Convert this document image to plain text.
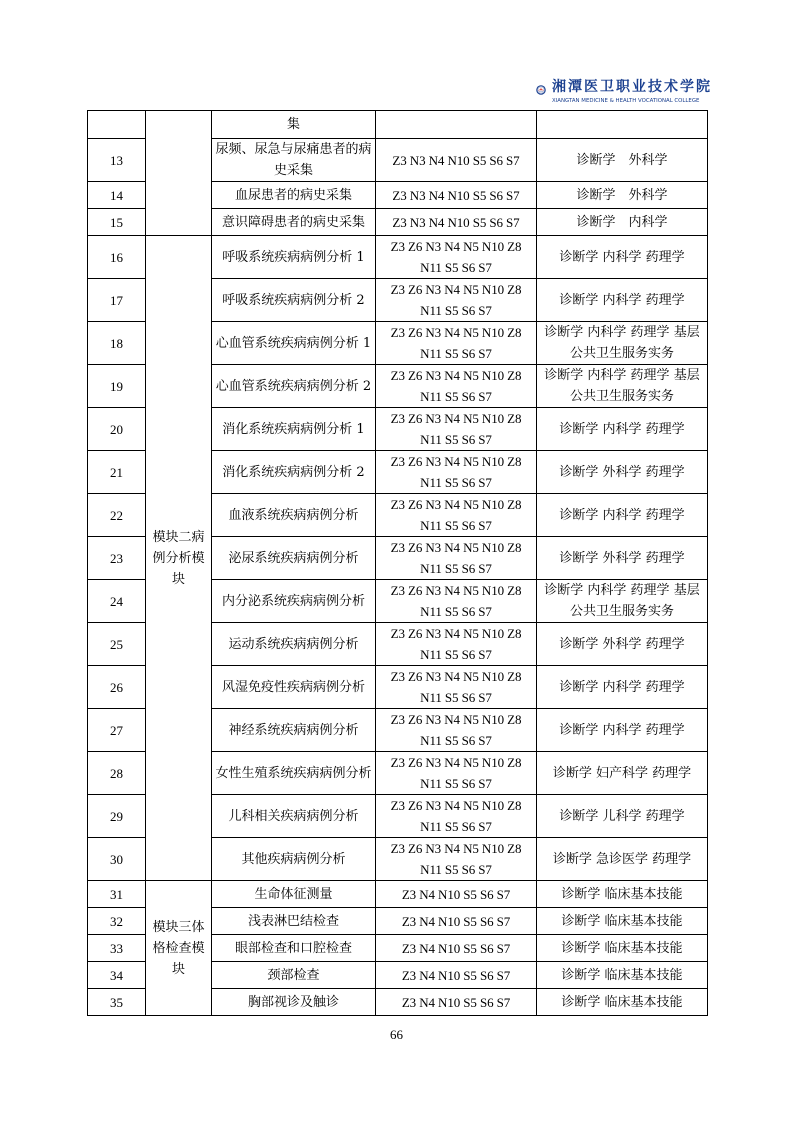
湘潭医卫职业技术学院
XIANGTAN MEDICINE & HEALTH VOCATIONAL COLLEGE
		集		
13		尿频、尿急与尿痛患者的病史采集	Z3 N3 N4 N10 S5 S6 S7	诊断学　外科学
14		血尿患者的病史采集	Z3 N3 N4 N10 S5 S6 S7	诊断学　外科学
15		意识障碍患者的病史采集	Z3 N3 N4 N10 S5 S6 S7	诊断学　内科学
16	模块二病例分析模块	呼吸系统疾病病例分析 1	Z3 Z6 N3 N4 N5 N10 Z8 N11 S5 S6 S7	诊断学 内科学 药理学
17		呼吸系统疾病病例分析 2	Z3 Z6 N3 N4 N5 N10 Z8 N11 S5 S6 S7	诊断学 内科学 药理学
18		心血管系统疾病病例分析 1	Z3 Z6 N3 N4 N5 N10 Z8 N11 S5 S6 S7	诊断学 内科学 药理学 基层公共卫生服务实务
19		心血管系统疾病病例分析 2	Z3 Z6 N3 N4 N5 N10 Z8 N11 S5 S6 S7	诊断学 内科学 药理学 基层公共卫生服务实务
20		消化系统疾病病例分析 1	Z3 Z6 N3 N4 N5 N10 Z8 N11 S5 S6 S7	诊断学 内科学 药理学
21		消化系统疾病病例分析 2	Z3 Z6 N3 N4 N5 N10 Z8 N11 S5 S6 S7	诊断学 外科学 药理学
22		血液系统疾病病例分析	Z3 Z6 N3 N4 N5 N10 Z8 N11 S5 S6 S7	诊断学 内科学 药理学
23		泌尿系统疾病病例分析	Z3 Z6 N3 N4 N5 N10 Z8 N11 S5 S6 S7	诊断学 外科学 药理学
24		内分泌系统疾病病例分析	Z3 Z6 N3 N4 N5 N10 Z8 N11 S5 S6 S7	诊断学 内科学 药理学 基层公共卫生服务实务
25		运动系统疾病病例分析	Z3 Z6 N3 N4 N5 N10 Z8 N11 S5 S6 S7	诊断学 外科学 药理学
26		风湿免疫性疾病病例分析	Z3 Z6 N3 N4 N5 N10 Z8 N11 S5 S6 S7	诊断学 内科学 药理学
27		神经系统疾病病例分析	Z3 Z6 N3 N4 N5 N10 Z8 N11 S5 S6 S7	诊断学 内科学 药理学
28		女性生殖系统疾病病例分析	Z3 Z6 N3 N4 N5 N10 Z8 N11 S5 S6 S7	诊断学 妇产科学 药理学
29		儿科相关疾病病例分析	Z3 Z6 N3 N4 N5 N10 Z8 N11 S5 S6 S7	诊断学 儿科学 药理学
30		其他疾病病例分析	Z3 Z6 N3 N4 N5 N10 Z8 N11 S5 S6 S7	诊断学 急诊医学 药理学
31	模块三体格检查模块	生命体征测量	Z3 N4 N10 S5 S6 S7	诊断学 临床基本技能
32		浅表淋巴结检查	Z3 N4 N10 S5 S6 S7	诊断学 临床基本技能
33		眼部检查和口腔检查	Z3 N4 N10 S5 S6 S7	诊断学 临床基本技能
34		颈部检查	Z3 N4 N10 S5 S6 S7	诊断学 临床基本技能
35		胸部视诊及触诊	Z3 N4 N10 S5 S6 S7	诊断学 临床基本技能
66
